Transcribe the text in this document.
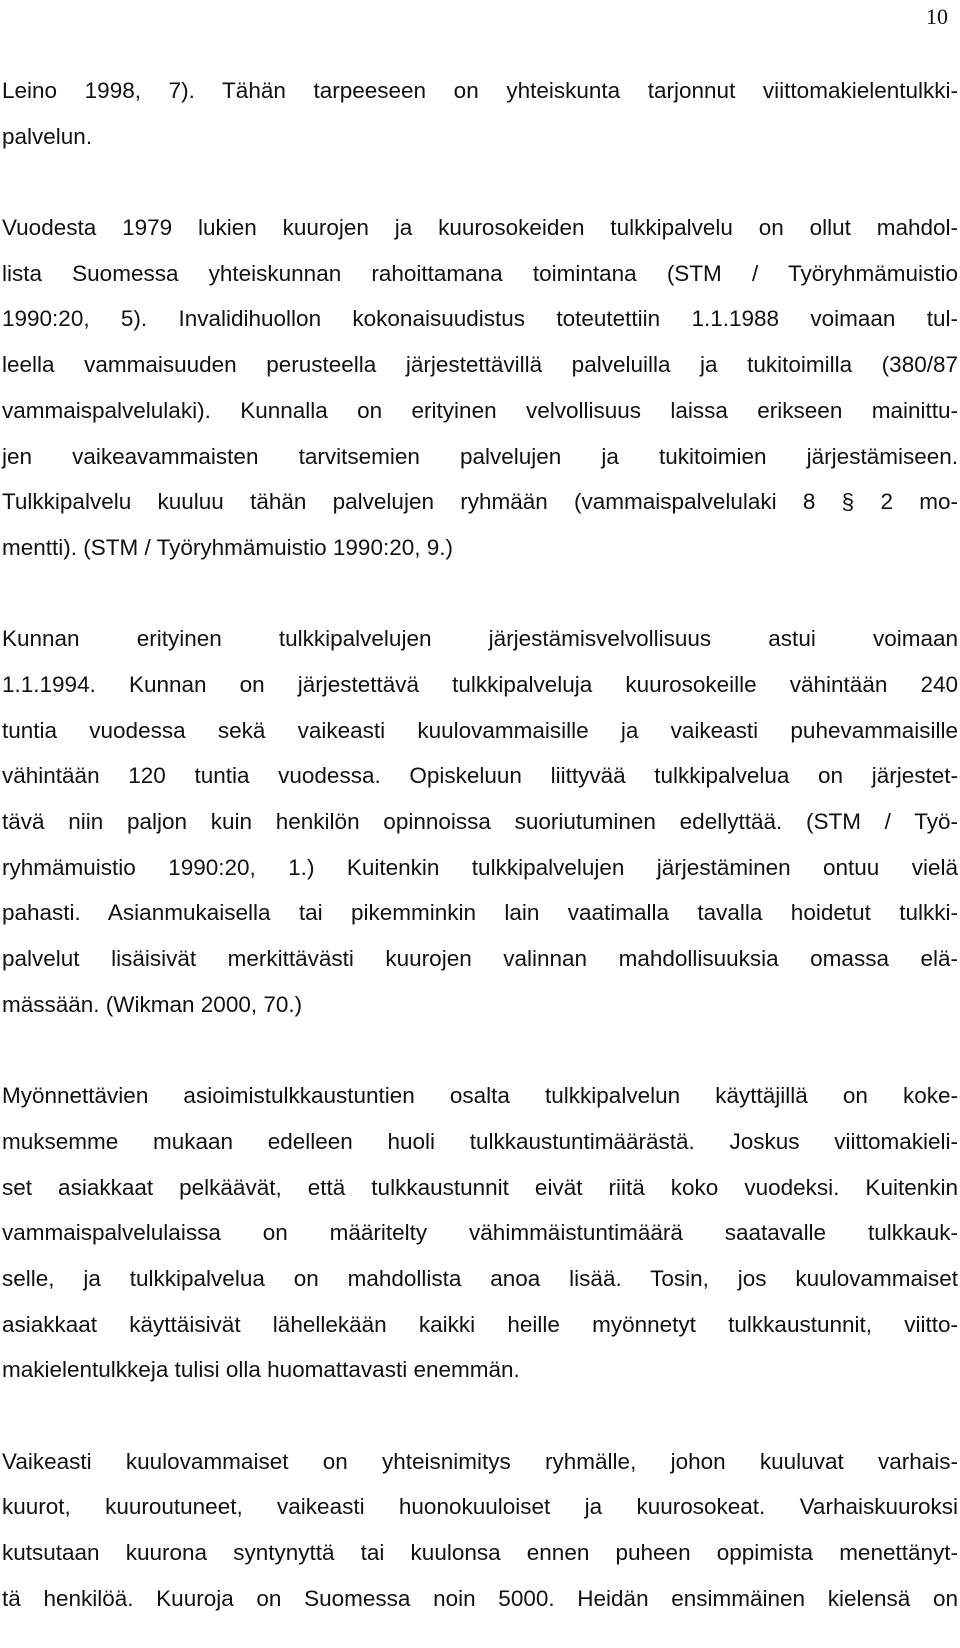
10
Leino 1998, 7). Tähän tarpeeseen on yhteiskunta tarjonnut viittomakielentulkki-
palvelun.
Vuodesta 1979 lukien kuurojen ja kuurosokeiden tulkkipalvelu on ollut mahdol-
lista Suomessa yhteiskunnan rahoittamana toimintana (STM / Työryhmämuistio
1990:20, 5). Invalidihuollon kokonaisuudistus toteutettiin 1.1.1988 voimaan tul-
leella vammaisuuden perusteella järjestettävillä palveluilla ja tukitoimilla (380/87
vammaispalvelulaki). Kunnalla on erityinen velvollisuus laissa erikseen mainittu-
jen vaikeavammaisten tarvitsemien palvelujen ja tukitoimien järjestämiseen.
Tulkkipalvelu kuuluu tähän palvelujen ryhmään (vammaispalvelulaki 8 § 2 mo-
mentti). (STM / Työryhmämuistio 1990:20, 9.)
Kunnan erityinen tulkkipalvelujen järjestämisvelvollisuus astui voimaan
1.1.1994. Kunnan on järjestettävä tulkkipalveluja kuurosokeille vähintään 240
tuntia vuodessa sekä vaikeasti kuulovammaisille ja vaikeasti puhevammaisille
vähintään 120 tuntia vuodessa. Opiskeluun liittyvää tulkkipalvelua on järjestet-
tävä niin paljon kuin henkilön opinnoissa suoriutuminen edellyttää. (STM / Työ-
ryhmämuistio 1990:20, 1.) Kuitenkin tulkkipalvelujen järjestäminen ontuu vielä
pahasti. Asianmukaisella tai pikemminkin lain vaatimalla tavalla hoidetut tulkki-
palvelut lisäisivät merkittävästi kuurojen valinnan mahdollisuuksia omassa elä-
mässään. (Wikman 2000, 70.)
Myönnettävien asioimistulkkaustuntien osalta tulkkipalvelun käyttäjillä on koke-
muksemme mukaan edelleen huoli tulkkaustuntimäärästä. Joskus viittomakieli-
set asiakkaat pelkäävät, että tulkkaustunnit eivät riitä koko vuodeksi. Kuitenkin
vammaispalvelulaissa on määritelty vähimmäistuntimäärä saatavalle tulkkauk-
selle, ja tulkkipalvelua on mahdollista anoa lisää. Tosin, jos kuulovammaiset
asiakkaat käyttäisivät lähellekään kaikki heille myönnetyt tulkkaustunnit, viitto-
makielentulkkeja tulisi olla huomattavasti enemmän.
Vaikeasti kuulovammaiset on yhteisnimitys ryhmälle, johon kuuluvat varhais-
kuurot, kuuroutuneet, vaikeasti huonokuuloiset ja kuurosokeat. Varhaiskuuroksi
kutsutaan kuurona syntynyttä tai kuulonsa ennen puheen oppimista menettänyt-
tä henkilöä. Kuuroja on Suomessa noin 5000. Heidän ensimmäinen kielensä on
